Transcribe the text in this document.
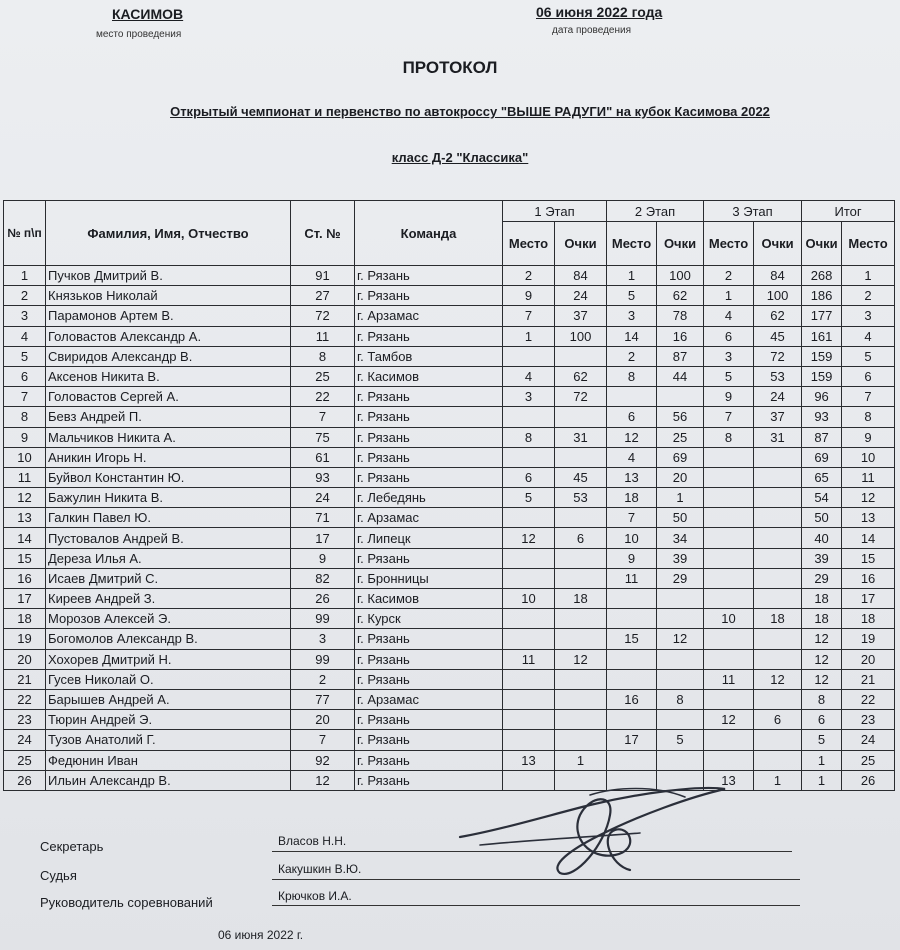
КАСИМОВ
место проведения
06 июня 2022 года
дата проведения
ПРОТОКОЛ
Открытый чемпионат и первенство по автокроссу "ВЫШЕ РАДУГИ" на кубок Касимова 2022
класс Д-2 "Классика"
№ п\п	Фамилия, Имя, Отчество	Ст. №	Команда	1 Этап		2 Этап		3 Этап		Итог	
				Место	Очки	Место	Очки	Место	Очки	Очки	Место
1	Пучков Дмитрий В.	91	г. Рязань	2	84	1	100	2	84	268	1
2	Князьков Николай	27	г. Рязань	9	24	5	62	1	100	186	2
3	Парамонов Артем В.	72	г. Арзамас	7	37	3	78	4	62	177	3
4	Головастов Александр А.	11	г. Рязань	1	100	14	16	6	45	161	4
5	Свиридов Александр В.	8	г. Тамбов			2	87	3	72	159	5
6	Аксенов Никита В.	25	г. Касимов	4	62	8	44	5	53	159	6
7	Головастов Сергей А.	22	г. Рязань	3	72			9	24	96	7
8	Бевз Андрей П.	7	г. Рязань			6	56	7	37	93	8
9	Мальчиков Никита А.	75	г. Рязань	8	31	12	25	8	31	87	9
10	Аникин Игорь Н.	61	г. Рязань			4	69			69	10
11	Буйвол Константин Ю.	93	г. Рязань	6	45	13	20			65	11
12	Бажулин Никита В.	24	г. Лебедянь	5	53	18	1			54	12
13	Галкин Павел Ю.	71	г. Арзамас			7	50			50	13
14	Пустовалов Андрей В.	17	г. Липецк	12	6	10	34			40	14
15	Дереза Илья А.	9	г. Рязань			9	39			39	15
16	Исаев Дмитрий С.	82	г. Бронницы			11	29			29	16
17	Киреев Андрей З.	26	г. Касимов	10	18					18	17
18	Морозов Алексей Э.	99	г. Курск					10	18	18	18
19	Богомолов Александр В.	3	г. Рязань			15	12			12	19
20	Хохорев Дмитрий Н.	99	г. Рязань	11	12					12	20
21	Гусев Николай О.	2	г. Рязань					11	12	12	21
22	Барышев Андрей А.	77	г. Арзамас			16	8			8	22
23	Тюрин Андрей Э.	20	г. Рязань					12	6	6	23
24	Тузов Анатолий Г.	7	г. Рязань			17	5			5	24
25	Федюнин Иван	92	г. Рязань	13	1					1	25
26	Ильин Александр В.	12	г. Рязань					13	1	1	26
Секретарь	Власов Н.Н.
Судья	Какушкин В.Ю.
Руководитель соревнований	Крючков И.А.
06 июня 2022 г.
